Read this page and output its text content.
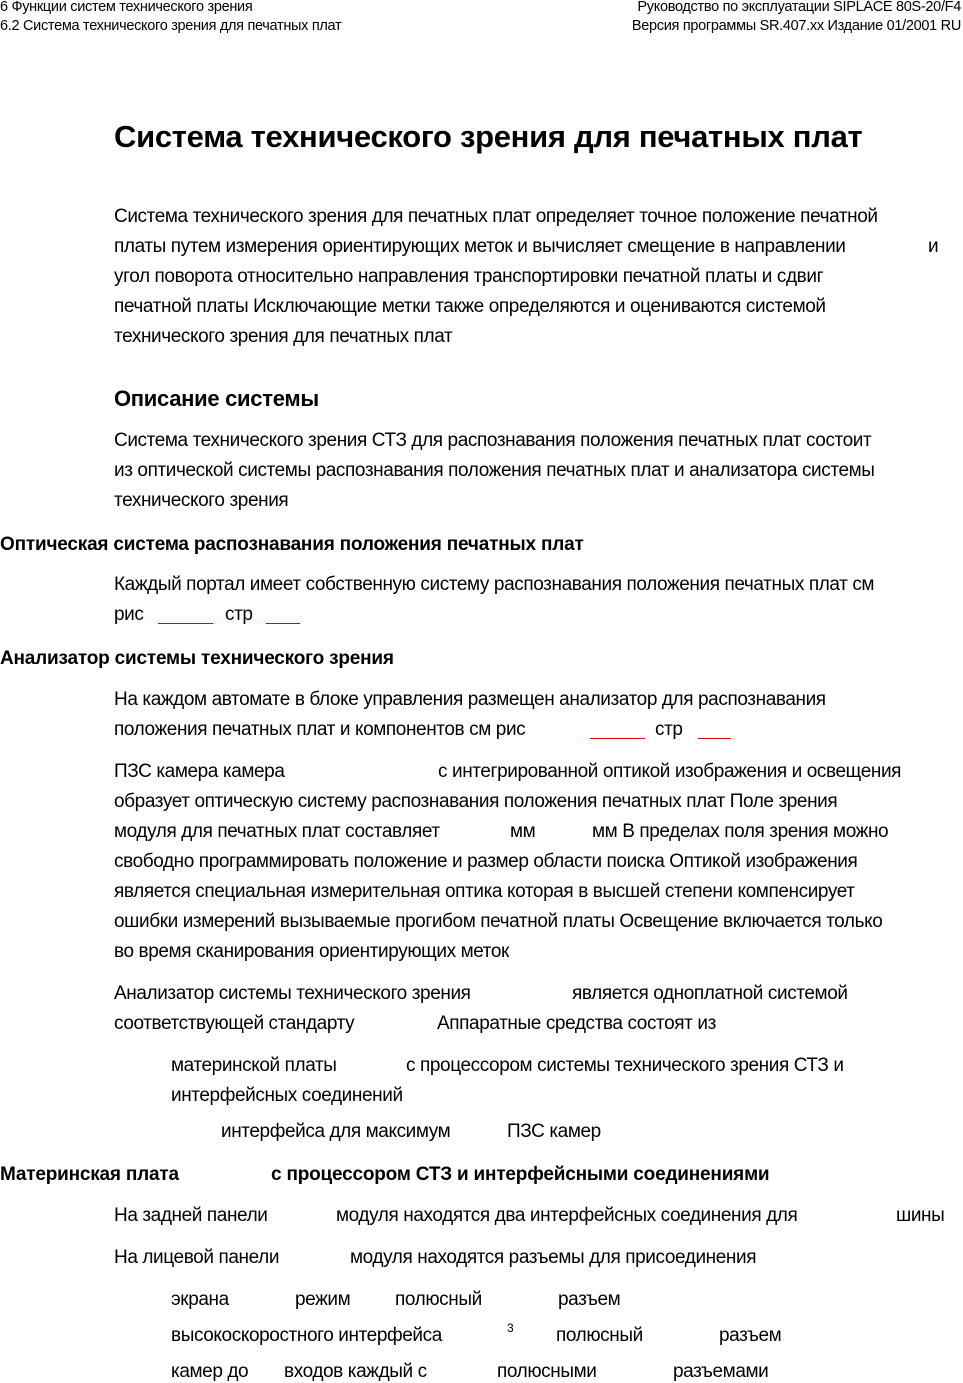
6 Функции систем технического зрения
6.2 Система технического зрения для печатных плат
Руководство по эксплуатации SIPLACE 80S-20/F4
Версия программы SR.407.xx Издание 01/2001 RU
Система технического зрения для печатных плат
Система технического зрения для печатных плат определяет точное положение печатной
платы путем измерения ориентирующих меток и вычисляет смещение в направлении	и
угол поворота относительно направления транспортировки печатной платы и сдвиг
печатной платы Исключающие метки также определяются и оцениваются системой
технического зрения для печатных плат
Описание системы
Система технического зрения СТЗ для распознавания положения печатных плат состоит
из оптической системы распознавания положения печатных плат и анализатора системы
технического зрения
Оптическая система распознавания положения печатных плат
Каждый портал имеет собственную систему распознавания положения печатных плат см
рис	стр
Анализатор системы технического зрения
На каждом автомате в блоке управления размещен анализатор для распознавания
положения печатных плат и компонентов см рис	стр
ПЗС камера камера	с интегрированной оптикой изображения и освещения
образует оптическую систему распознавания положения печатных плат Поле зрения
модуля для печатных плат составляет	мм	мм В пределах поля зрения можно
свободно программировать положение и размер области поиска Оптикой изображения
является специальная измерительная оптика которая в высшей степени компенсирует
ошибки измерений вызываемые прогибом печатной платы Освещение включается только
во время сканирования ориентирующих меток
Анализатор системы технического зрения	является одноплатной системой
соответствующей стандарту	Аппаратные средства состоят из
материнской платы	с процессором системы технического зрения СТЗ и
интерфейсных соединений
интерфейса для максимум	ПЗС камер
Материнская плата	с процессором СТЗ и интерфейсными соединениями
На задней панели	модуля находятся два интерфейсных соединения для	шины
На лицевой панели	модуля находятся разъемы для присоединения
экрана	режим полюсный	разъем
высокоскоростного интерфейса	3 полюсный	разъем
камер до входов каждый с	полюсными	разъемами
